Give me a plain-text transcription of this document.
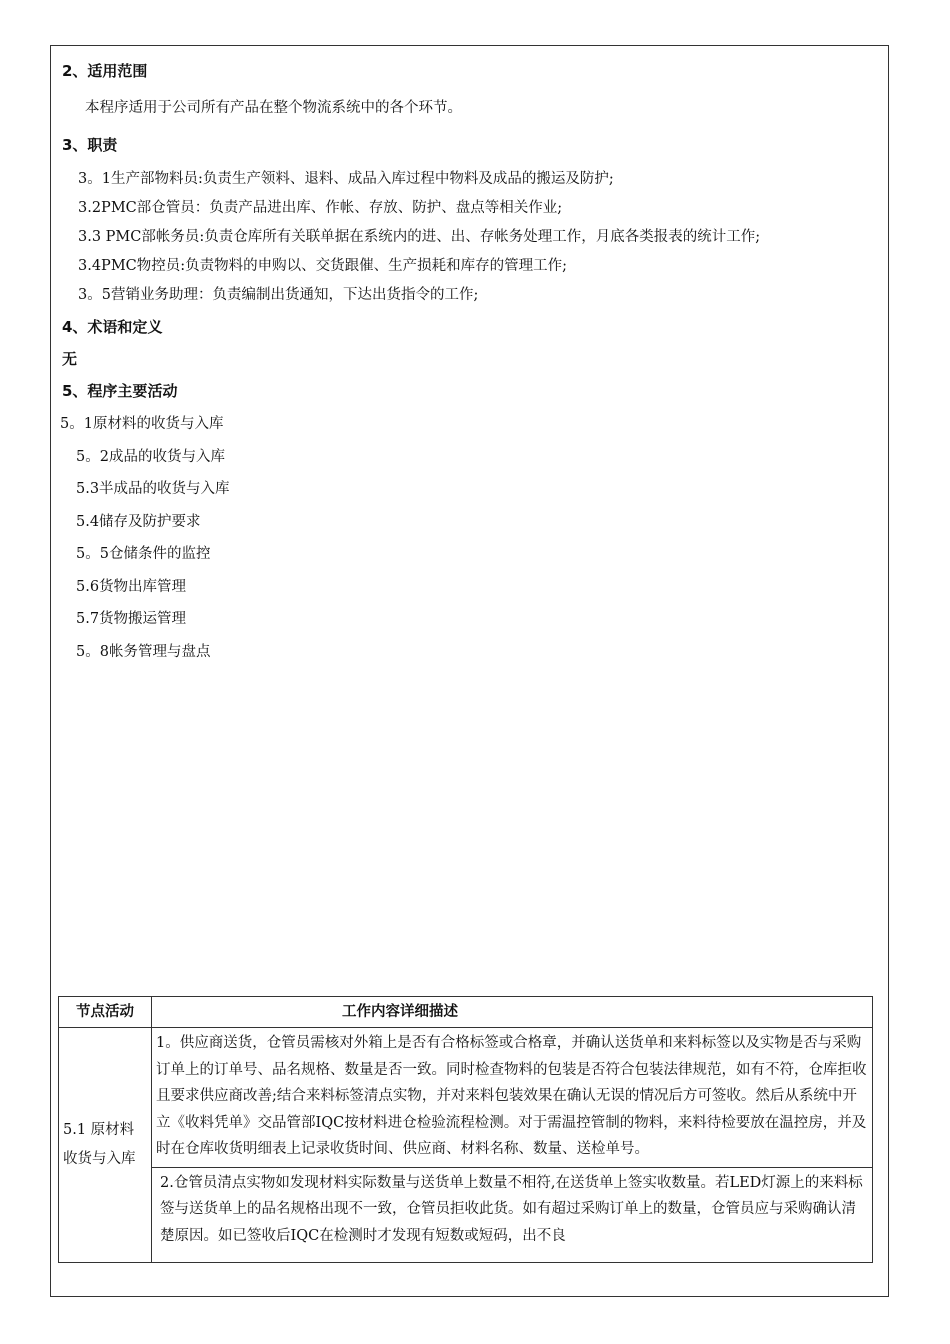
2、适用范围
本程序适用于公司所有产品在整个物流系统中的各个环节。
3、职责
3。1生产部物料员:负责生产领料、退料、成品入库过程中物料及成品的搬运及防护;
3.2PMC部仓管员：负责产品进出库、作帐、存放、防护、盘点等相关作业;
3.3 PMC部帐务员:负责仓库所有关联单据在系统内的进、出、存帐务处理工作，月底各类报表的统计工作;
3.4PMC物控员:负责物料的申购以、交货跟催、生产损耗和库存的管理工作;
3。5营销业务助理：负责编制出货通知，下达出货指令的工作;
4、术语和定义
无
5、程序主要活动
5。1原材料的收货与入库
5。2成品的收货与入库
5.3半成品的收货与入库
5.4储存及防护要求
5。5仓储条件的监控
5.6货物出库管理
5.7货物搬运管理
5。8帐务管理与盘点
节点活动	工作内容详细描述
5.1 原材料收货与入库	1。供应商送货，仓管员需核对外箱上是否有合格标签或合格章，并确认送货单和来料标签以及实物是否与采购订单上的订单号、品名规格、数量是否一致。同时检查物料的包装是否符合包装法律规范，如有不符，仓库拒收且要求供应商改善;结合来料标签清点实物，并对来料包装效果在确认无误的情况后方可签收。然后从系统中开立《收料凭单》交品管部IQC按材料进仓检验流程检测。对于需温控管制的物料，来料待检要放在温控房，并及时在仓库收货明细表上记录收货时间、供应商、材料名称、数量、送检单号。
	2.仓管员清点实物如发现材料实际数量与送货单上数量不相符,在送货单上签实收数量。若LED灯源上的来料标签与送货单上的品名规格出现不一致，仓管员拒收此货。如有超过采购订单上的数量，仓管员应与采购确认清楚原因。如已签收后IQC在检测时才发现有短数或短码，出不良
